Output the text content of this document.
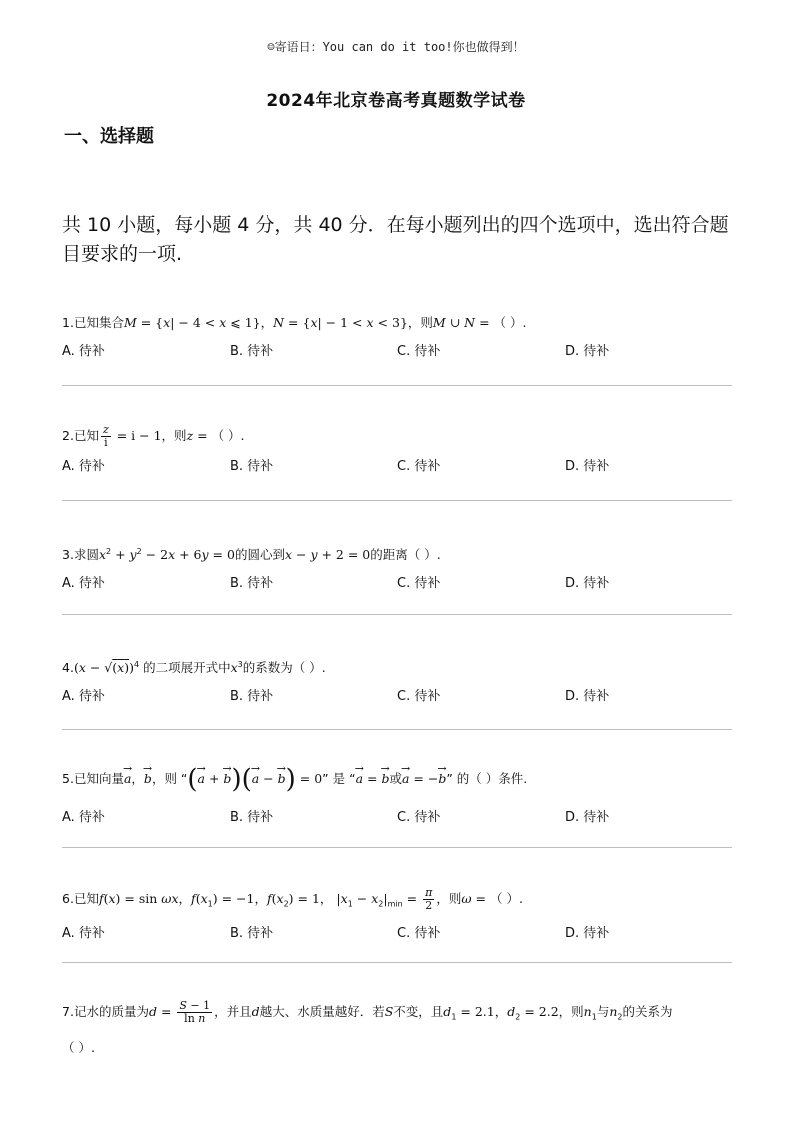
☺寄语日：You can do it too!你也做得到！
2024年北京卷高考真题数学试卷
一、选择题
共 10 小题，每小题 4 分，共 40 分．在每小题列出的四个选项中，选出符合题目要求的一项.
1.已知集合M = {x| − 4 < x ⩽ 1}，N = {x| − 1 < x < 3}，则M ∪ N = （ ）.
A. 待补	B. 待补	C. 待补	D. 待补
2.已知 $\frac{z}{i} = i - 1$，则z = （ ）.
A. 待补	B. 待补	C. 待补	D. 待补
3.求圆$x^2 + y^2 - 2x + 6y = 0$的圆心到x − y + 2 = 0的距离（ ）.
A. 待补	B. 待补	C. 待补	D. 待补
$4.(x - √(x))^4$ 的二项展开式中$x^3$的系数为（ ）.
A. 待补	B. 待补	C. 待补	D. 待补
5.已知向量→ a，→ b，则 “(→ a + → b)(→ a − → b) = 0” 是 “→ a = → b或→ a = −→ b” 的（ ）条件.
A. 待补	B. 待补	C. 待补	D. 待补
6.已知f(x) = sin ωx，$f(x_1) = -1$，$f(x_2) = 1$， $|x_1 - x_2|_{min} = \frac{\pi}{2}$ ，则ω = （ ）.
A. 待补	B. 待补	C. 待补	D. 待补
7.记水的质量为$d = \frac{S - 1}{\text{ln n}}$ ，并且d越大、水质量越好．若S不变，且$d_1 = 2.1$，$d_2 = 2.2$，则$n_1$与$n_2$的关系为
（ ）.
